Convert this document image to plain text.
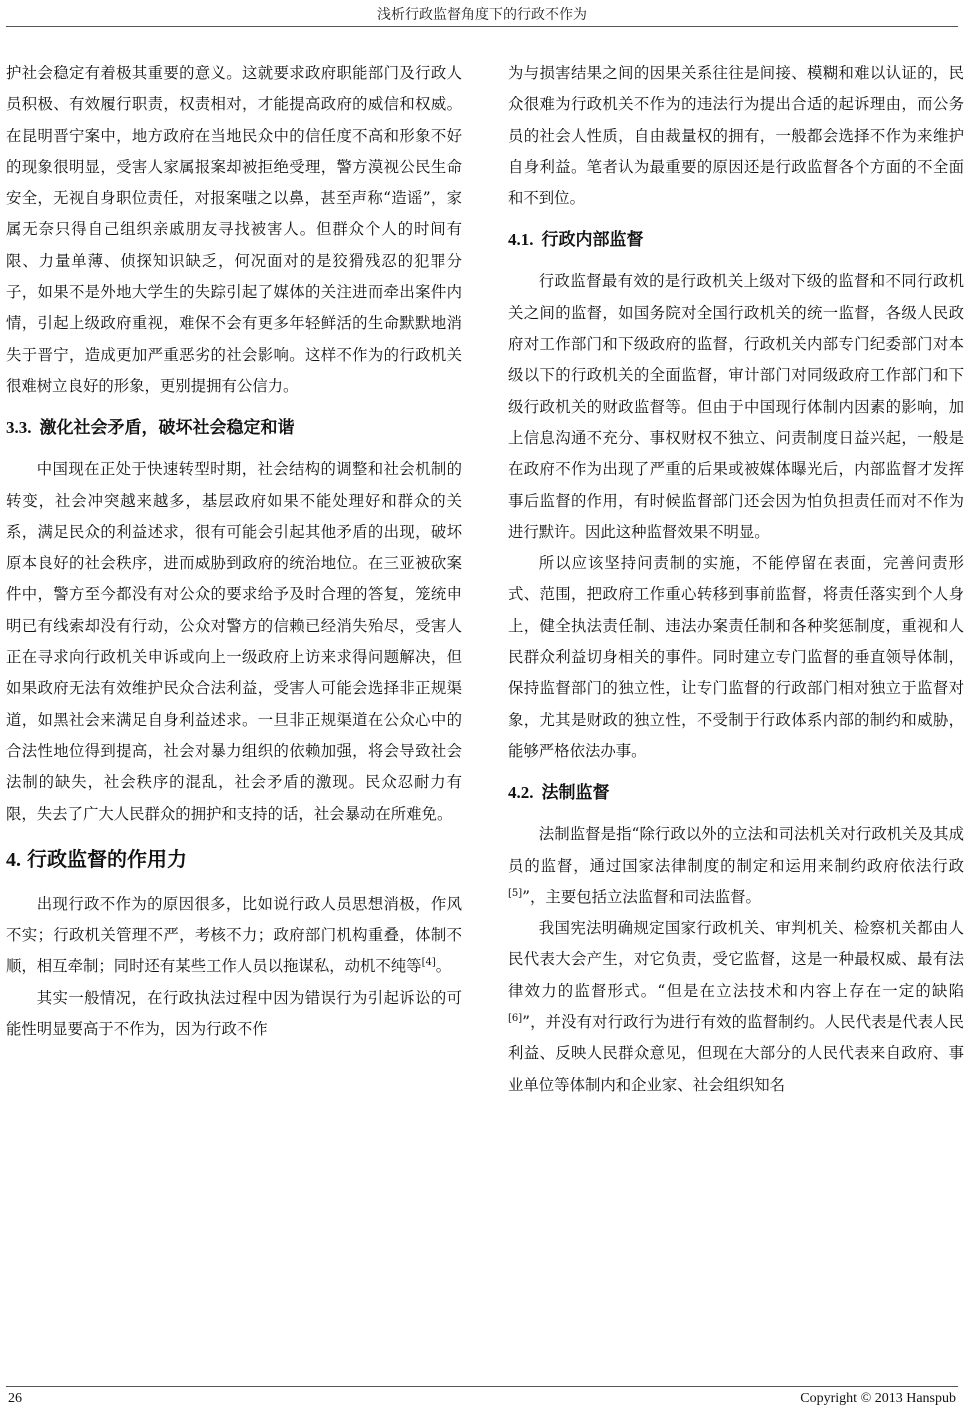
浅析行政监督角度下的行政不作为

护社会稳定有着极其重要的意义。这就要求政府职能部门及行政人员积极、有效履行职责，权责相对，才能提高政府的威信和权威。在昆明晋宁案中，地方政府在当地民众中的信任度不高和形象不好的现象很明显，受害人家属报案却被拒绝受理，警方漠视公民生命安全，无视自身职位责任，对报案嗤之以鼻，甚至声称“造谣”，家属无奈只得自己组织亲戚朋友寻找被害人。但群众个人的时间有限、力量单薄、侦探知识缺乏，何况面对的是狡猾残忍的犯罪分子，如果不是外地大学生的失踪引起了媒体的关注进而牵出案件内情，引起上级政府重视，难保不会有更多年轻鲜活的生命默默地消失于晋宁，造成更加严重恶劣的社会影响。这样不作为的行政机关很难树立良好的形象，更别提拥有公信力。

3.3. 激化社会矛盾，破坏社会稳定和谐

中国现在正处于快速转型时期，社会结构的调整和社会机制的转变，社会冲突越来越多，基层政府如果不能处理好和群众的关系，满足民众的利益述求，很有可能会引起其他矛盾的出现，破坏原本良好的社会秩序，进而威胁到政府的统治地位。在三亚被砍案件中，警方至今都没有对公众的要求给予及时合理的答复，笼统申明已有线索却没有行动，公众对警方的信赖已经消失殆尽，受害人正在寻求向行政机关申诉或向上一级政府上访来求得问题解决，但如果政府无法有效维护民众合法利益，受害人可能会选择非正规渠道，如黑社会来满足自身利益述求。一旦非正规渠道在公众心中的合法性地位得到提高，社会对暴力组织的依赖加强，将会导致社会法制的缺失，社会秩序的混乱，社会矛盾的激现。民众忍耐力有限，失去了广大人民群众的拥护和支持的话，社会暴动在所难免。

4. 行政监督的作用力

出现行政不作为的原因很多，比如说行政人员思想消极，作风不实；行政机关管理不严，考核不力；政府部门机构重叠，体制不顺，相互牵制；同时还有某些工作人员以拖谋私，动机不纯等[4]。

其实一般情况，在行政执法过程中因为错误行为引起诉讼的可能性明显要高于不作为，因为行政不作

为与损害结果之间的因果关系往往是间接、模糊和难以认证的，民众很难为行政机关不作为的违法行为提出合适的起诉理由，而公务员的社会人性质，自由裁量权的拥有，一般都会选择不作为来维护自身利益。笔者认为最重要的原因还是行政监督各个方面的不全面和不到位。

4.1. 行政内部监督

行政监督最有效的是行政机关上级对下级的监督和不同行政机关之间的监督，如国务院对全国行政机关的统一监督，各级人民政府对工作部门和下级政府的监督，行政机关内部专门纪委部门对本级以下的行政机关的全面监督，审计部门对同级政府工作部门和下级行政机关的财政监督等。但由于中国现行体制内因素的影响，加上信息沟通不充分、事权财权不独立、问责制度日益兴起，一般是在政府不作为出现了严重的后果或被媒体曝光后，内部监督才发挥事后监督的作用，有时候监督部门还会因为怕负担责任而对不作为进行默许。因此这种监督效果不明显。

所以应该坚持问责制的实施，不能停留在表面，完善问责形式、范围，把政府工作重心转移到事前监督，将责任落实到个人身上，健全执法责任制、违法办案责任制和各种奖惩制度，重视和人民群众利益切身相关的事件。同时建立专门监督的垂直领导体制，保持监督部门的独立性，让专门监督的行政部门相对独立于监督对象，尤其是财政的独立性，不受制于行政体系内部的制约和威胁，能够严格依法办事。

4.2. 法制监督

法制监督是指“除行政以外的立法和司法机关对行政机关及其成员的监督，通过国家法律制度的制定和运用来制约政府依法行政[5]”，主要包括立法监督和司法监督。

我国宪法明确规定国家行政机关、审判机关、检察机关都由人民代表大会产生，对它负责，受它监督，这是一种最权威、最有法律效力的监督形式。“但是在立法技术和内容上存在一定的缺陷[6]”，并没有对行政行为进行有效的监督制约。人民代表是代表人民利益、反映人民群众意见，但现在大部分的人民代表来自政府、事业单位等体制内和企业家、社会组织知名

26	Copyright © 2013 Hanspub
